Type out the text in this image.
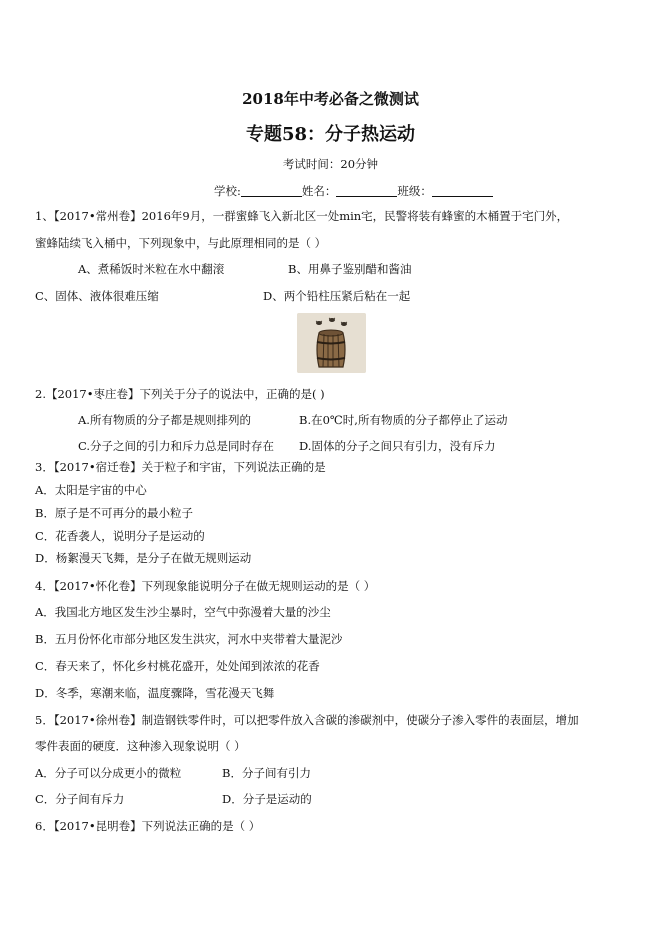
2018年中考必备之微测试
专题58：分子热运动
考试时间：20分钟
学校:	姓名：	班级：
1、【2017•常州卷】2016年9月，一群蜜蜂飞入新北区一处min宅，民警将装有蜂蜜的木桶置于宅门外，
蜜蜂陆续飞入桶中，下列现象中，与此原理相同的是（ ）
A、煮稀饭时米粒在水中翻滚	B、用鼻子鉴别醋和酱油
C、固体、液体很难压缩	D、两个铅柱压紧后粘在一起
2.【2017•枣庄卷】下列关于分子的说法中，正确的是( )
A.所有物质的分子都是规则排列的	B.在0℃时,所有物质的分子都停止了运动
C.分子之间的引力和斥力总是同时存在 D.固体的分子之间只有引力，没有斥力
3．【2017•宿迁卷】关于粒子和宇宙，下列说法正确的是
A．太阳是宇宙的中心
B．原子是不可再分的最小粒子
C．花香袭人，说明分子是运动的
D．杨絮漫天飞舞，是分子在做无规则运动
4．【2017•怀化卷】下列现象能说明分子在做无规则运动的是（ ）
A．我国北方地区发生沙尘暴时，空气中弥漫着大量的沙尘
B．五月份怀化市部分地区发生洪灾，河水中夹带着大量泥沙
C．春天来了，怀化乡村桃花盛开，处处闻到浓浓的花香
D．冬季，寒潮来临，温度骤降，雪花漫天飞舞
5．【2017•徐州卷】制造钢铁零件时，可以把零件放入含碳的渗碳剂中，使碳分子渗入零件的表面层，增加
零件表面的硬度．这种渗入现象说明（ ）
A．分子可以分成更小的微粒	B．分子间有引力
C．分子间有斥力	D．分子是运动的
6．【2017•昆明卷】下列说法正确的是（ ）
